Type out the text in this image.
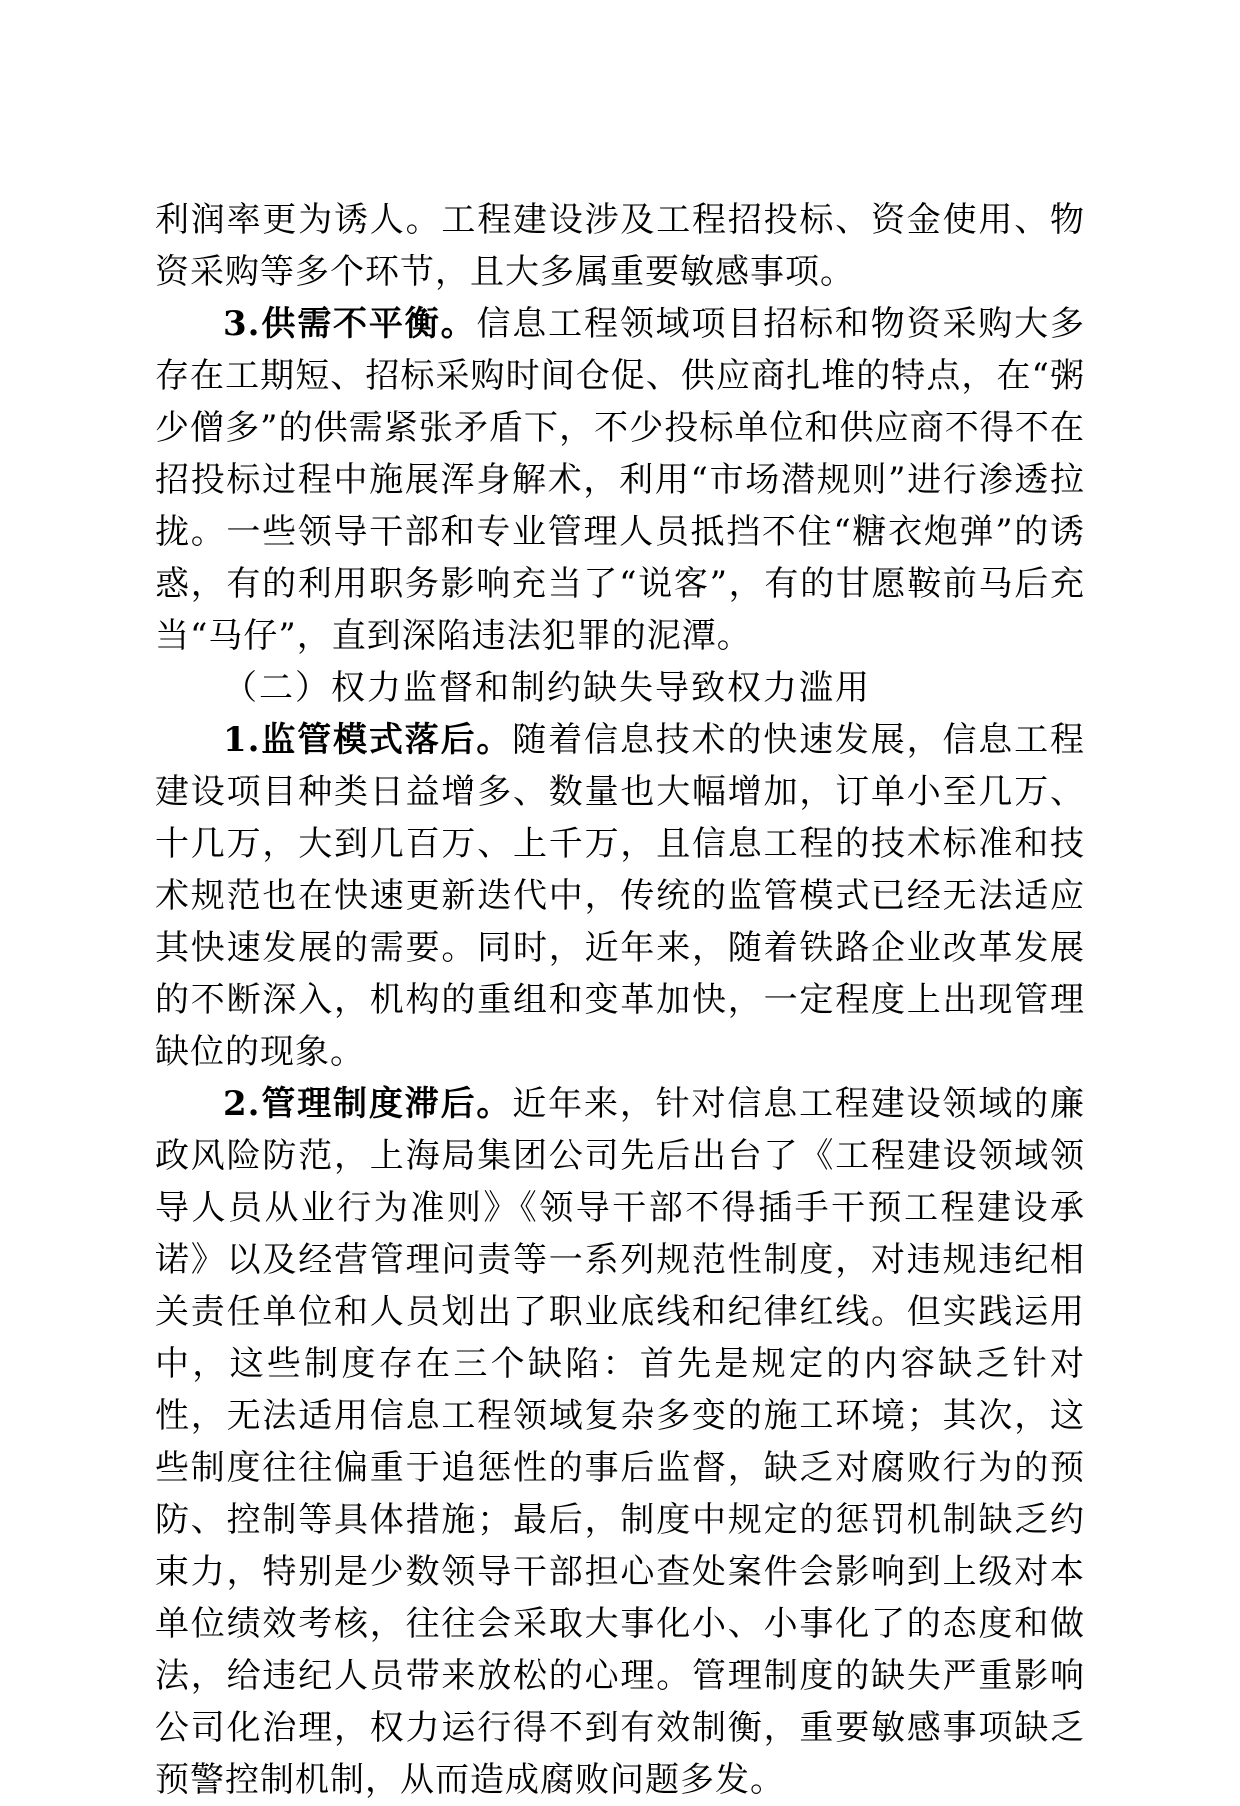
利润率更为诱人。工程建设涉及工程招投标、资金使用、物资采购等多个环节，且大多属重要敏感事项。

3.供需不平衡。信息工程领域项目招标和物资采购大多存在工期短、招标采购时间仓促、供应商扎堆的特点，在“粥少僧多”的供需紧张矛盾下，不少投标单位和供应商不得不在招投标过程中施展浑身解术，利用“市场潜规则”进行渗透拉拢。一些领导干部和专业管理人员抵挡不住“糖衣炮弹”的诱惑，有的利用职务影响充当了“说客”，有的甘愿鞍前马后充当“马仔”，直到深陷违法犯罪的泥潭。

（二）权力监督和制约缺失导致权力滥用

1.监管模式落后。随着信息技术的快速发展，信息工程建设项目种类日益增多、数量也大幅增加，订单小至几万、十几万，大到几百万、上千万，且信息工程的技术标准和技术规范也在快速更新迭代中，传统的监管模式已经无法适应其快速发展的需要。同时，近年来，随着铁路企业改革发展的不断深入，机构的重组和变革加快，一定程度上出现管理缺位的现象。

2.管理制度滞后。近年来，针对信息工程建设领域的廉政风险防范，上海局集团公司先后出台了《工程建设领域领导人员从业行为准则》《领导干部不得插手干预工程建设承诺》以及经营管理问责等一系列规范性制度，对违规违纪相关责任单位和人员划出了职业底线和纪律红线。但实践运用中，这些制度存在三个缺陷：首先是规定的内容缺乏针对性，无法适用信息工程领域复杂多变的施工环境；其次，这些制度往往偏重于追惩性的事后监督，缺乏对腐败行为的预防、控制等具体措施；最后，制度中规定的惩罚机制缺乏约束力，特别是少数领导干部担心查处案件会影响到上级对本单位绩效考核，往往会采取大事化小、小事化了的态度和做法，给违纪人员带来放松的心理。管理制度的缺失严重影响公司化治理，权力运行得不到有效制衡，重要敏感事项缺乏预警控制机制，从而造成腐败问题多发。
